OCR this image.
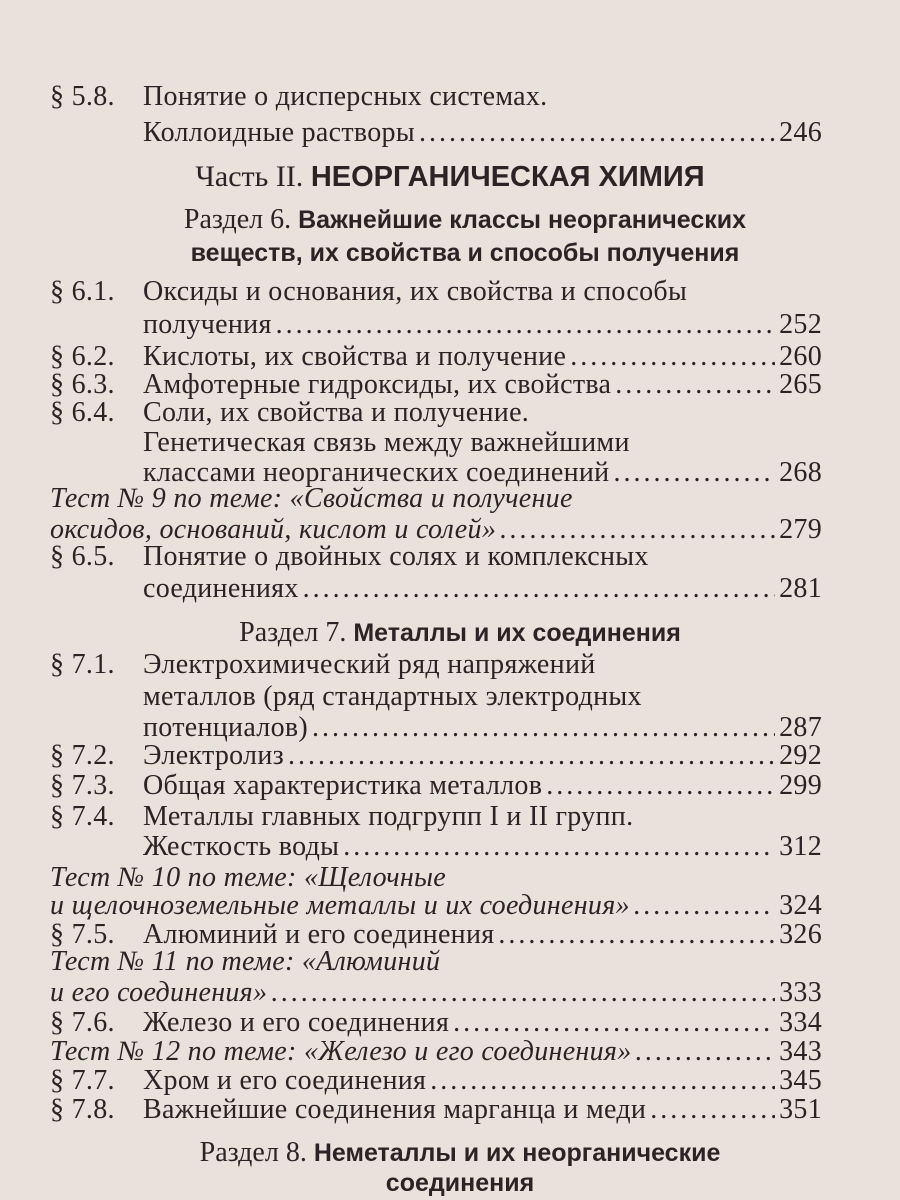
§ 5.8.	Понятие о дисперсных системах.
Коллоидные растворы .....	246
Часть II. НЕОРГАНИЧЕСКАЯ ХИМИЯ
Раздел 6. Важнейшие классы неорганических
веществ, их свойства и способы получения
§ 6.1.	Оксиды и основания, их свойства и способы
получения .....	252
§ 6.2.	Кислоты, их свойства и получение .....	260
§ 6.3.	Амфотерные гидроксиды, их свойства .....	265
§ 6.4.	Соли, их свойства и получение.
Генетическая связь между важнейшими
классами неорганических соединений .....	268
Тест № 9 по теме: «Свойства и получение
оксидов, оснований, кислот и солей» .....	279
§ 6.5.	Понятие о двойных солях и комплексных
соединениях .....	281
Раздел 7. Металлы и их соединения
§ 7.1.	Электрохимический ряд напряжений
металлов (ряд стандартных электродных
потенциалов) .....	287
§ 7.2.	Электролиз .....	292
§ 7.3.	Общая характеристика металлов .....	299
§ 7.4.	Металлы главных подгрупп I и II групп.
Жесткость воды .....	312
Тест № 10 по теме: «Щелочные
и щелочноземельные металлы и их соединения» .....	324
§ 7.5.	Алюминий и его соединения .....	326
Тест № 11 по теме: «Алюминий
и его соединения» .....	333
§ 7.6.	Железо и его соединения .....	334
Тест № 12 по теме: «Железо и его соединения» .....	343
§ 7.7.	Хром и его соединения .....	345
§ 7.8.	Важнейшие соединения марганца и меди .....	351
Раздел 8. Неметаллы и их неорганические
соединения
